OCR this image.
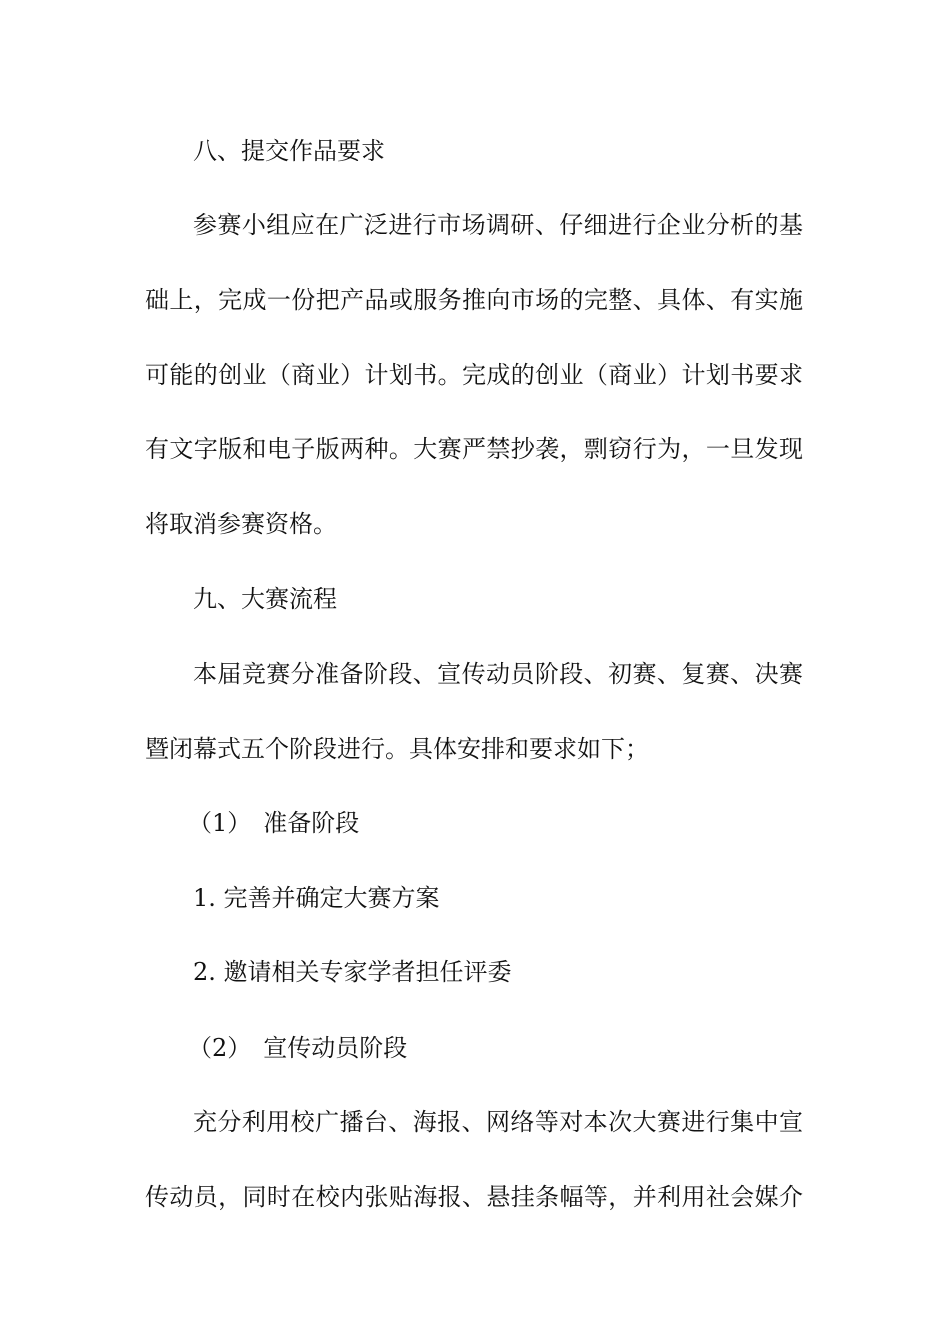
八、提交作品要求
参赛小组应在广泛进行市场调研、仔细进行企业分析的基
础上，完成一份把产品或服务推向市场的完整、具体、有实施
可能的创业（商业）计划书。完成的创业（商业）计划书要求
有文字版和电子版两种。大赛严禁抄袭，剽窃行为，一旦发现
将取消参赛资格。
九、大赛流程
本届竞赛分准备阶段、宣传动员阶段、初赛、复赛、决赛
暨闭幕式五个阶段进行。具体安排和要求如下；
（1）　准备阶段
1. 完善并确定大赛方案
2. 邀请相关专家学者担任评委
（2）　宣传动员阶段
充分利用校广播台、海报、网络等对本次大赛进行集中宣
传动员，同时在校内张贴海报、悬挂条幅等，并利用社会媒介
